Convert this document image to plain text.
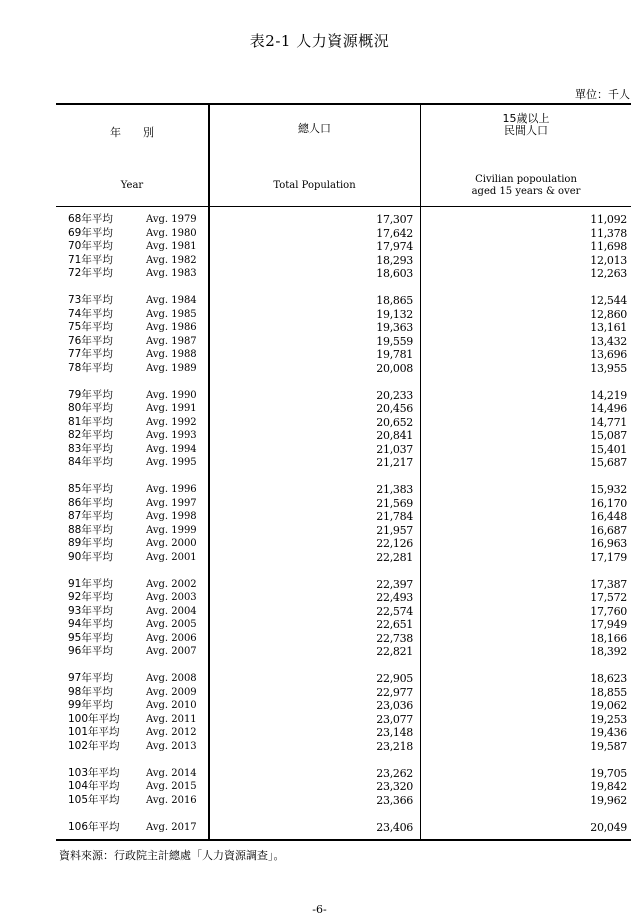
表2-1 人力資源概況
單位：千人
年　　別
Year
總人口
Total Population
15歲以上
民間人口
Civilian popoulation
aged 15 years & over
68年平均	Avg. 1979	17,307	11,092
69年平均	Avg. 1980	17,642	11,378
70年平均	Avg. 1981	17,974	11,698
71年平均	Avg. 1982	18,293	12,013
72年平均	Avg. 1983	18,603	12,263
73年平均	Avg. 1984	18,865	12,544
74年平均	Avg. 1985	19,132	12,860
75年平均	Avg. 1986	19,363	13,161
76年平均	Avg. 1987	19,559	13,432
77年平均	Avg. 1988	19,781	13,696
78年平均	Avg. 1989	20,008	13,955
79年平均	Avg. 1990	20,233	14,219
80年平均	Avg. 1991	20,456	14,496
81年平均	Avg. 1992	20,652	14,771
82年平均	Avg. 1993	20,841	15,087
83年平均	Avg. 1994	21,037	15,401
84年平均	Avg. 1995	21,217	15,687
85年平均	Avg. 1996	21,383	15,932
86年平均	Avg. 1997	21,569	16,170
87年平均	Avg. 1998	21,784	16,448
88年平均	Avg. 1999	21,957	16,687
89年平均	Avg. 2000	22,126	16,963
90年平均	Avg. 2001	22,281	17,179
91年平均	Avg. 2002	22,397	17,387
92年平均	Avg. 2003	22,493	17,572
93年平均	Avg. 2004	22,574	17,760
94年平均	Avg. 2005	22,651	17,949
95年平均	Avg. 2006	22,738	18,166
96年平均	Avg. 2007	22,821	18,392
97年平均	Avg. 2008	22,905	18,623
98年平均	Avg. 2009	22,977	18,855
99年平均	Avg. 2010	23,036	19,062
100年平均	Avg. 2011	23,077	19,253
101年平均	Avg. 2012	23,148	19,436
102年平均	Avg. 2013	23,218	19,587
103年平均	Avg. 2014	23,262	19,705
104年平均	Avg. 2015	23,320	19,842
105年平均	Avg. 2016	23,366	19,962
106年平均	Avg. 2017	23,406	20,049
資料來源：行政院主計總處「人力資源調查」。
-6-
